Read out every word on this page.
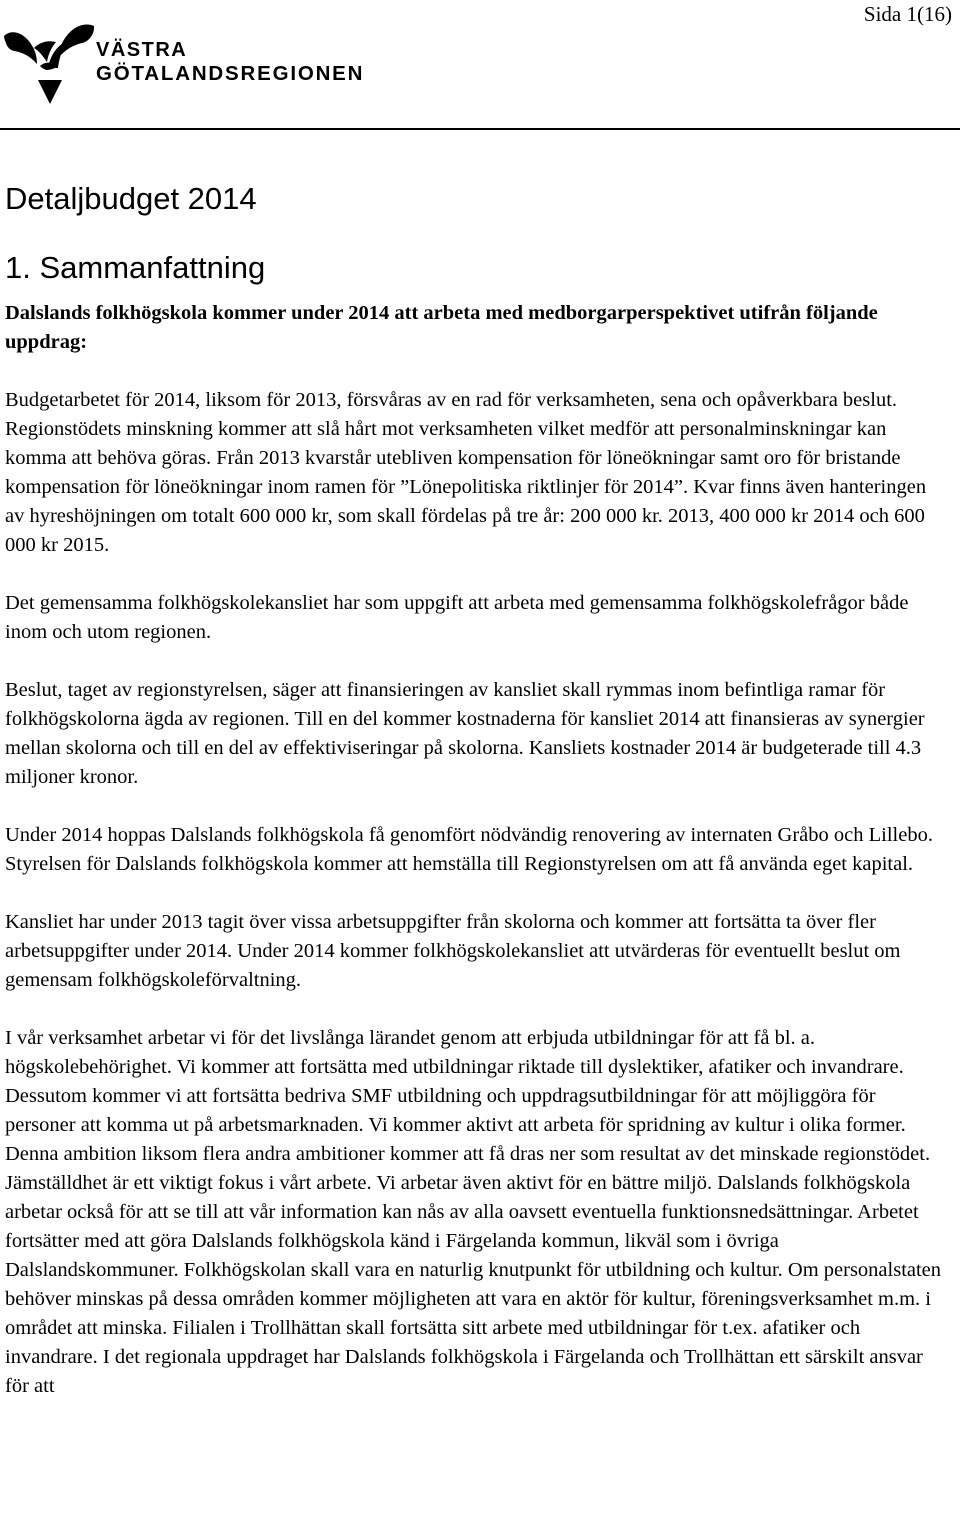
Sida 1(16)
VÄSTRA
GÖTALANDSREGIONEN
Detaljbudget 2014
1. Sammanfattning

Dalslands folkhögskola kommer under 2014 att arbeta med medborgarperspektivet utifrån följande uppdrag:

Budgetarbetet för 2014, liksom för 2013, försvåras av en rad för verksamheten, sena och opåverkbara beslut. Regionstödets minskning kommer att slå hårt mot verksamheten vilket medför att personalminskningar kan komma att behöva göras. Från 2013 kvarstår utebliven kompensation för löneökningar samt oro för bristande kompensation för löneökningar inom ramen för ”Lönepolitiska riktlinjer för 2014”. Kvar finns även hanteringen av hyreshöjningen om totalt 600 000 kr, som skall fördelas på tre år: 200 000 kr. 2013, 400 000 kr 2014 och 600 000 kr 2015.

Det gemensamma folkhögskolekansliet har som uppgift att arbeta med gemensamma folkhögskolefrågor både inom och utom regionen.

Beslut, taget av regionstyrelsen, säger att finansieringen av kansliet skall rymmas inom befintliga ramar för folkhögskolorna ägda av regionen. Till en del kommer kostnaderna för kansliet 2014 att finansieras av synergier mellan skolorna och till en del av effektiviseringar på skolorna. Kansliets kostnader 2014 är budgeterade till 4.3 miljoner kronor.

Under 2014 hoppas Dalslands folkhögskola få genomfört nödvändig renovering av internaten Gråbo och Lillebo. Styrelsen för Dalslands folkhögskola kommer att hemställa till Regionstyrelsen om att få använda eget kapital.

Kansliet har under 2013 tagit över vissa arbetsuppgifter från skolorna och kommer att fortsätta ta över fler arbetsuppgifter under 2014. Under 2014 kommer folkhögskolekansliet att utvärderas för eventuellt beslut om gemensam folkhögskoleförvaltning.

I vår verksamhet arbetar vi för det livslånga lärandet genom att erbjuda utbildningar för att få bl. a. högskolebehörighet. Vi kommer att fortsätta med utbildningar riktade till dyslektiker, afatiker och invandrare. Dessutom kommer vi att fortsätta bedriva SMF utbildning och uppdragsutbildningar för att möjliggöra för personer att komma ut på arbetsmarknaden. Vi kommer aktivt att arbeta för spridning av kultur i olika former. Denna ambition liksom flera andra ambitioner kommer att få dras ner som resultat av det minskade regionstödet. Jämställdhet är ett viktigt fokus i vårt arbete. Vi arbetar även aktivt för en bättre miljö. Dalslands folkhögskola arbetar också för att se till att vår information kan nås av alla oavsett eventuella funktionsnedsättningar. Arbetet fortsätter med att göra Dalslands folkhögskola känd i Färgelanda kommun, likväl som i övriga Dalslandskommuner. Folkhögskolan skall vara en naturlig knutpunkt för utbildning och kultur. Om personalstaten behöver minskas på dessa områden kommer möjligheten att vara en aktör för kultur, föreningsverksamhet m.m. i området att minska. Filialen i Trollhättan skall fortsätta sitt arbete med utbildningar för t.ex. afatiker och invandrare. I det regionala uppdraget har Dalslands folkhögskola i Färgelanda och Trollhättan ett särskilt ansvar för att
